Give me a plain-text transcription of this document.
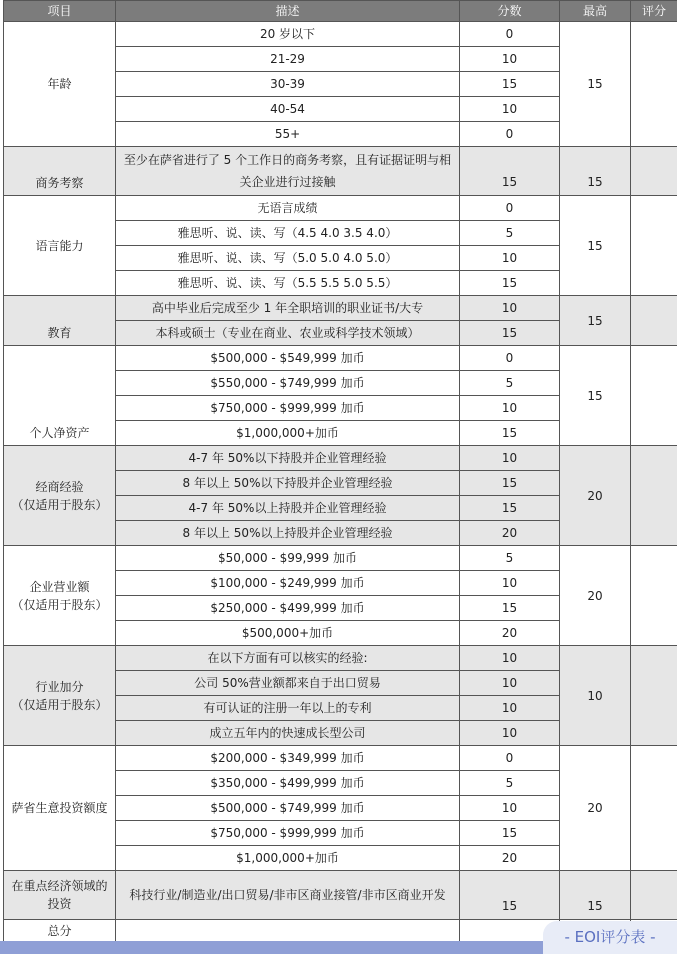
项目	描述	分数	最高	评分

年龄	20 岁以下	0	15	
	21-29	10		
	30-39	15		
	40-54	10		
	55+	0		

商务考察	至少在萨省进行了 5 个工作日的商务考察，且有证据证明与相关企业进行过接触	15	15	

语言能力	无语言成绩	0	15	
	雅思听、说、读、写（4.5 4.0 3.5 4.0）	5		
	雅思听、说、读、写（5.0 5.0 4.0 5.0）	10		
	雅思听、说、读、写（5.5 5.5 5.0 5.5）	15		

教育	高中毕业后完成至少 1 年全职培训的职业证书/大专	10	15	
	本科或硕士（专业在商业、农业或科学技术领域）	15		

个人净资产	$500,000 - $549,999 加币	0	15	
	$550,000 - $749,999 加币	5		
	$750,000 - $999,999 加币	10		
	$1,000,000+加币	15		

经商经验
（仅适用于股东）	4-7 年 50%以下持股并企业管理经验	10	20	
	8 年以上 50%以下持股并企业管理经验	15		
	4-7 年 50%以上持股并企业管理经验	15		
	8 年以上 50%以上持股并企业管理经验	20		

企业营业额
（仅适用于股东）	$50,000 - $99,999 加币	5	20	
	$100,000 - $249,999 加币	10		
	$250,000 - $499,999 加币	15		
	$500,000+加币	20		

行业加分
（仅适用于股东）	在以下方面有可以核实的经验:	10	10	
	公司 50%营业额都来自于出口贸易	10		
	有可认证的注册一年以上的专利	10		
	成立五年内的快速成长型公司	10		

萨省生意投资额度	$200,000 - $349,999 加币	0	20	
	$350,000 - $499,999 加币	5		
	$500,000 - $749,999 加币	10		
	$750,000 - $999,999 加币	15		
	$1,000,000+加币	20		

在重点经济领域的
投资	科技行业/制造业/出口贸易/非市区商业接管/非市区商业开发	15	15	
总分					- EOI评分表 -
